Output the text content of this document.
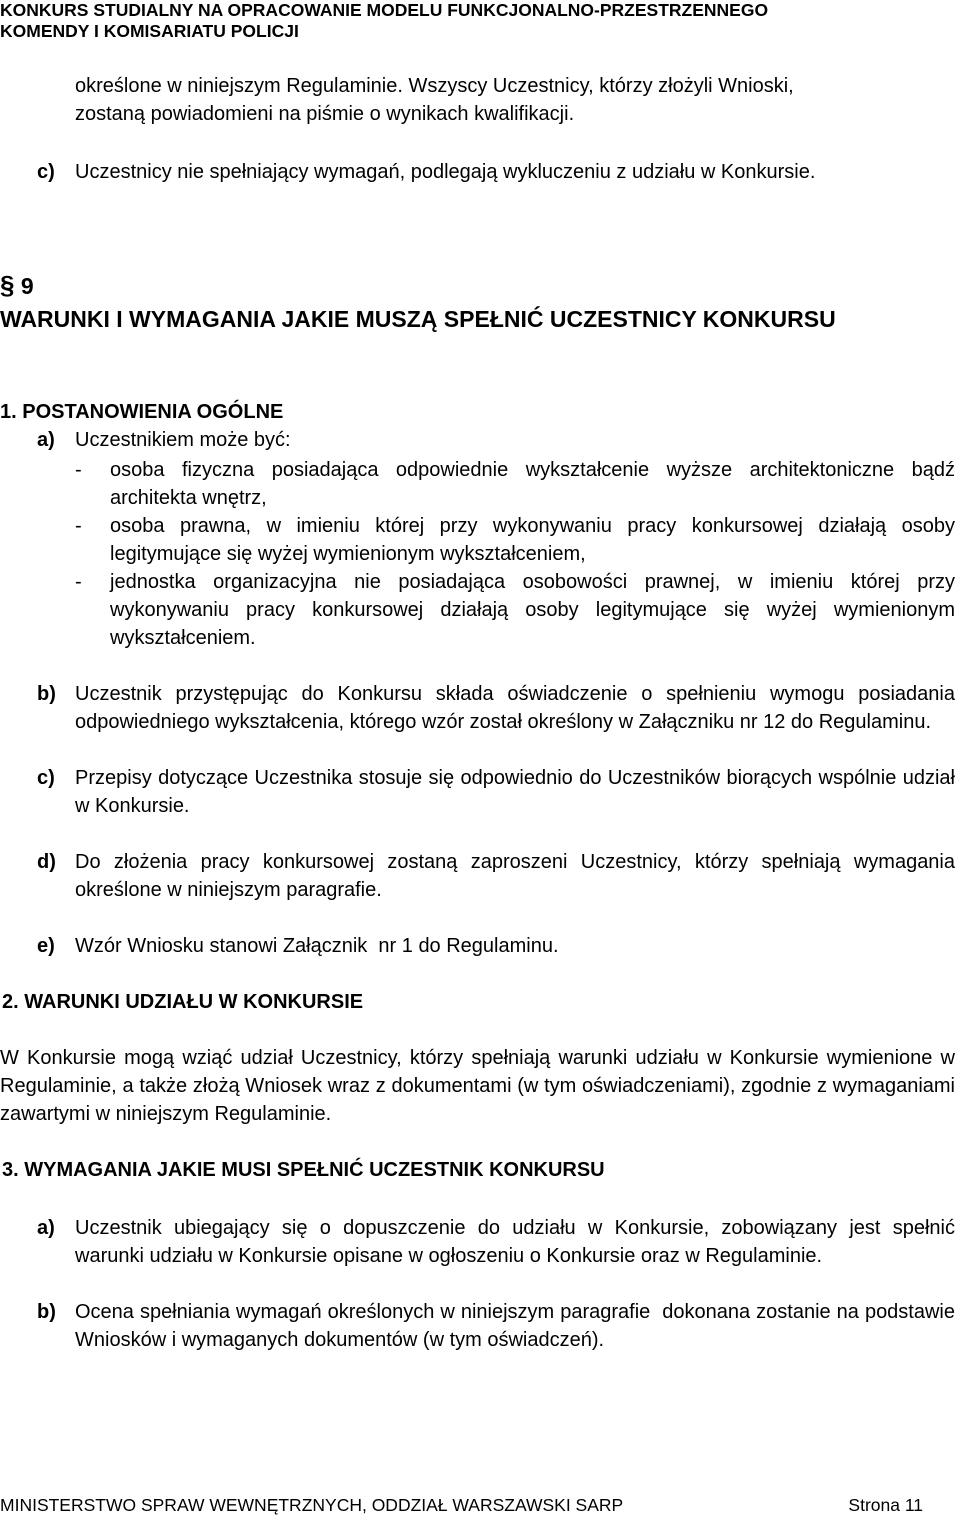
KONKURS STUDIALNY NA OPRACOWANIE MODELU FUNKCJONALNO-PRZESTRZENNEGO
KOMENDY I KOMISARIATU POLICJI
określone w niniejszym Regulaminie. Wszyscy Uczestnicy, którzy złożyli Wnioski,
zostaną powiadomieni na piśmie o wynikach kwalifikacji.
c)	Uczestnicy nie spełniający wymagań, podlegają wykluczeniu z udziału w Konkursie.
§ 9
WARUNKI I WYMAGANIA JAKIE MUSZĄ SPEŁNIĆ UCZESTNICY KONKURSU
1. POSTANOWIENIA OGÓLNE
a)	Uczestnikiem może być:
- osoba fizyczna posiadająca odpowiednie wykształcenie wyższe architektoniczne bądź architekta wnętrz,
- osoba prawna, w imieniu której przy wykonywaniu pracy konkursowej działają osoby legitymujące się wyżej wymienionym wykształceniem,
- jednostka organizacyjna nie posiadająca osobowości prawnej, w imieniu której przy wykonywaniu pracy konkursowej działają osoby legitymujące się wyżej wymienionym wykształceniem.
b) Uczestnik przystępując do Konkursu składa oświadczenie o spełnieniu wymogu posiadania odpowiedniego wykształcenia, którego wzór został określony w Załączniku nr 12 do Regulaminu.
c)	Przepisy dotyczące Uczestnika stosuje się odpowiednio do Uczestników biorących wspólnie udział w Konkursie.
d) Do złożenia pracy konkursowej zostaną zaproszeni Uczestnicy, którzy spełniają wymagania określone w niniejszym paragrafie.
e)	Wzór Wniosku stanowi Załącznik  nr 1 do Regulaminu.
2. WARUNKI UDZIAŁU W KONKURSIE
W Konkursie mogą wziąć udział Uczestnicy, którzy spełniają warunki udziału w Konkursie wymienione w Regulaminie, a także złożą Wniosek wraz z dokumentami (w tym oświadczeniami), zgodnie z wymaganiami zawartymi w niniejszym Regulaminie.
3. WYMAGANIA JAKIE MUSI SPEŁNIĆ UCZESTNIK KONKURSU
a)	Uczestnik ubiegający się o dopuszczenie do udziału w Konkursie, zobowiązany jest spełnić warunki udziału w Konkursie opisane w ogłoszeniu o Konkursie oraz w Regulaminie.
b) Ocena spełniania wymagań określonych w niniejszym paragrafie  dokonana zostanie na podstawie Wniosków i wymaganych dokumentów (w tym oświadczeń).
MINISTERSTWO SPRAW WEWNĘTRZNYCH, ODDZIAŁ WARSZAWSKI SARP	Strona 11
